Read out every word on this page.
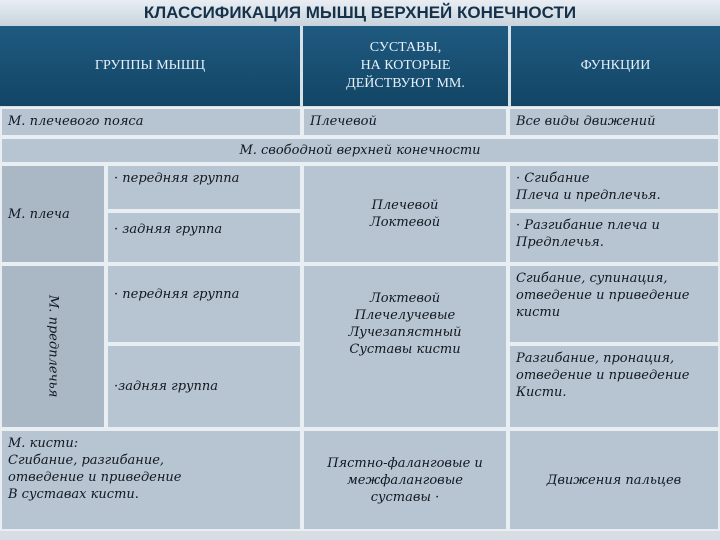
КЛАССИФИКАЦИЯ МЫШЦ ВЕРХНЕЙ КОНЕЧНОСТИ
ГРУППЫ МЫШЦ
СУСТАВЫ,
НА КОТОРЫЕ
ДЕЙСТВУЮТ ММ.
ФУНКЦИИ
М. плечевого пояса	Плечевой	Все виды движений
М. свободной верхней конечности
М. плеча
· передняя группа
· задняя группа
Плечевой
Локтевой
· Сгибание
Плеча и предплечья.
· Разгибание плеча и
Предплечья.
М. предплечья
· передняя группа
·задняя группа
Локтевой
Плечелучевые
Лучезапястный
Суставы кисти
Сгибание, супинация,
отведение и приведение
кисти
Разгибание, пронация,
отведение и приведение
Кисти.
М. кисти:
Сгибание, разгибание,
отведение и приведение
В суставах кисти.
Пястно-фаланговые и
межфаланговые
суставы ·
Движения пальцев
